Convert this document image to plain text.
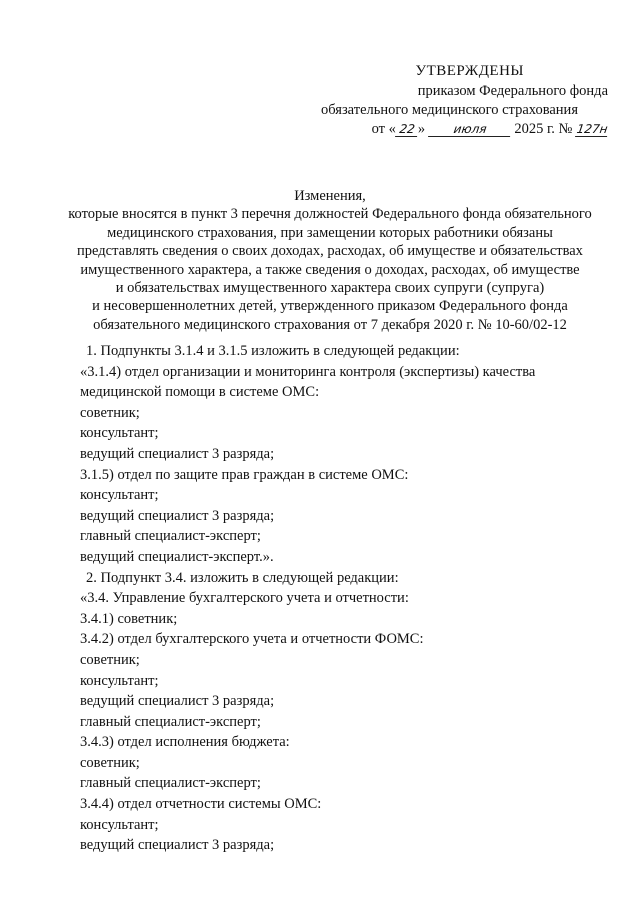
УТВЕРЖДЕНЫ
приказом Федерального фонда
обязательного медицинского страхования
от « 22 » июля 2025 г. № 127н
Изменения,
которые вносятся в пункт 3 перечня должностей Федерального фонда обязательного
медицинского страхования, при замещении которых работники обязаны
представлять сведения о своих доходах, расходах, об имуществе и обязательствах
имущественного характера, а также сведения о доходах, расходах, об имуществе
и обязательствах имущественного характера своих супруги (супруга)
и несовершеннолетних детей, утвержденного приказом Федерального фонда
обязательного медицинского страхования от 7 декабря 2020 г. № 10-60/02-12
1. Подпункты 3.1.4 и 3.1.5 изложить в следующей редакции:
«3.1.4) отдел организации и мониторинга контроля (экспертизы) качества
медицинской помощи в системе ОМС:
советник;
консультант;
ведущий специалист 3 разряда;
3.1.5) отдел по защите прав граждан в системе ОМС:
консультант;
ведущий специалист 3 разряда;
главный специалист-эксперт;
ведущий специалист-эксперт.».
2. Подпункт 3.4. изложить в следующей редакции:
«3.4. Управление бухгалтерского учета и отчетности:
3.4.1) советник;
3.4.2) отдел бухгалтерского учета и отчетности ФОМС:
советник;
консультант;
ведущий специалист 3 разряда;
главный специалист-эксперт;
3.4.3) отдел исполнения бюджета:
советник;
главный специалист-эксперт;
3.4.4) отдел отчетности системы ОМС:
консультант;
ведущий специалист 3 разряда;
